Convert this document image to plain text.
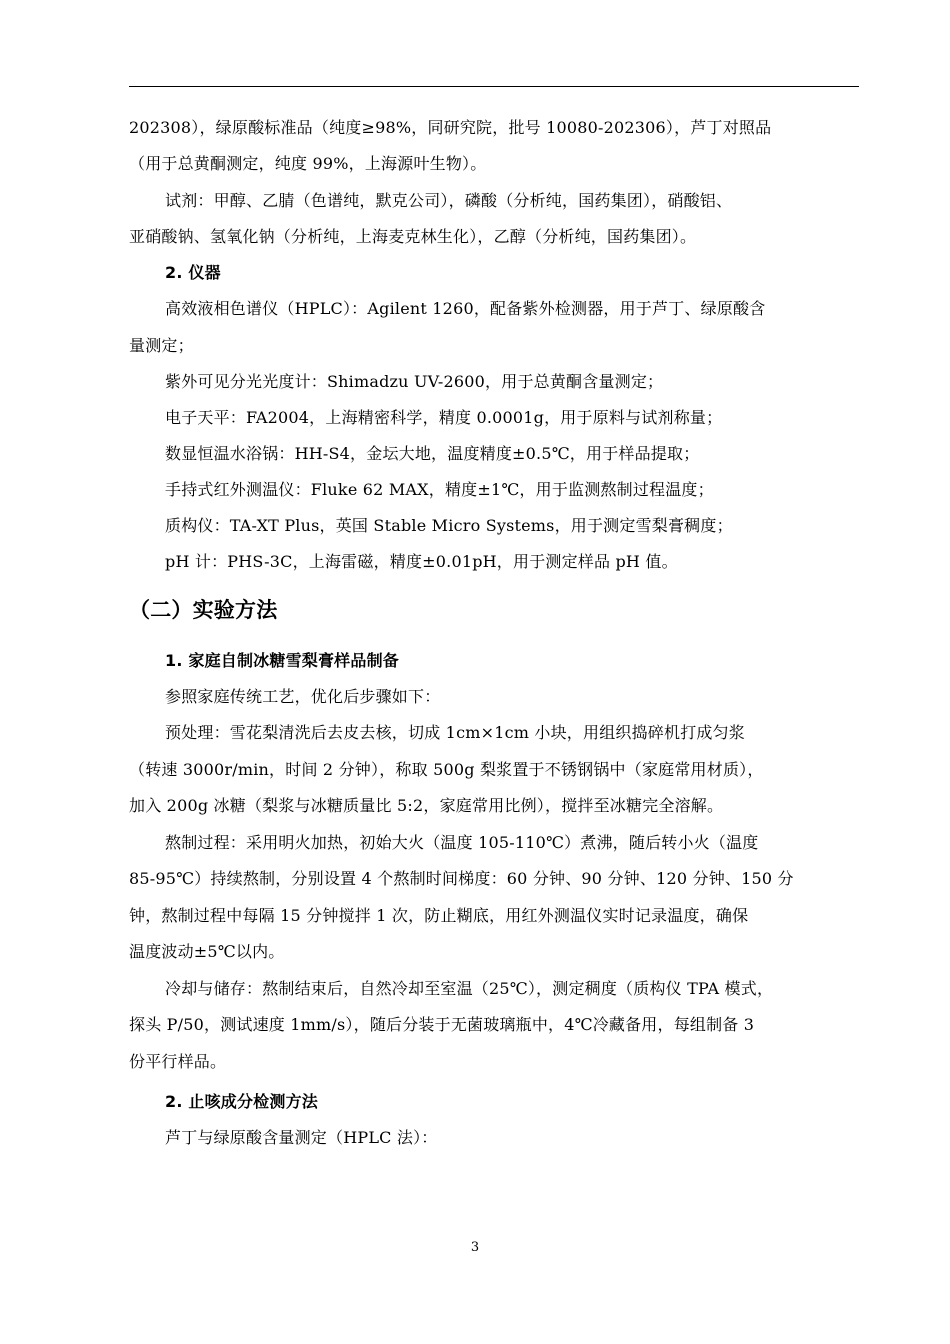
202308），绿原酸标准品（纯度≥98%，同研究院，批号 10080-202306），芦丁对照品
（用于总黄酮测定，纯度 99%，上海源叶生物）。
试剂：甲醇、乙腈（色谱纯，默克公司），磷酸（分析纯，国药集团），硝酸铝、
亚硝酸钠、氢氧化钠（分析纯，上海麦克林生化），乙醇（分析纯，国药集团）。
2. 仪器
高效液相色谱仪（HPLC）：Agilent 1260，配备紫外检测器，用于芦丁、绿原酸含
量测定；
紫外可见分光光度计：Shimadzu UV-2600，用于总黄酮含量测定；
电子天平：FA2004，上海精密科学，精度 0.0001g，用于原料与试剂称量；
数显恒温水浴锅：HH-S4，金坛大地，温度精度±0.5℃，用于样品提取；
手持式红外测温仪：Fluke 62 MAX，精度±1℃，用于监测熬制过程温度；
质构仪：TA-XT Plus，英国 Stable Micro Systems，用于测定雪梨膏稠度；
pH 计：PHS-3C，上海雷磁，精度±0.01pH，用于测定样品 pH 值。
（二）实验方法
1. 家庭自制冰糖雪梨膏样品制备
参照家庭传统工艺，优化后步骤如下：
预处理：雪花梨清洗后去皮去核，切成 1cm×1cm 小块，用组织捣碎机打成匀浆
（转速 3000r/min，时间 2 分钟），称取 500g 梨浆置于不锈钢锅中（家庭常用材质），
加入 200g 冰糖（梨浆与冰糖质量比 5:2，家庭常用比例），搅拌至冰糖完全溶解。
熬制过程：采用明火加热，初始大火（温度 105-110℃）煮沸，随后转小火（温度
85-95℃）持续熬制，分别设置 4 个熬制时间梯度：60 分钟、90 分钟、120 分钟、150 分
钟，熬制过程中每隔 15 分钟搅拌 1 次，防止糊底，用红外测温仪实时记录温度，确保
温度波动±5℃以内。
冷却与储存：熬制结束后，自然冷却至室温（25℃），测定稠度（质构仪 TPA 模式，
探头 P/50，测试速度 1mm/s），随后分装于无菌玻璃瓶中，4℃冷藏备用，每组制备 3
份平行样品。
2. 止咳成分检测方法
芦丁与绿原酸含量测定（HPLC 法）：
3
